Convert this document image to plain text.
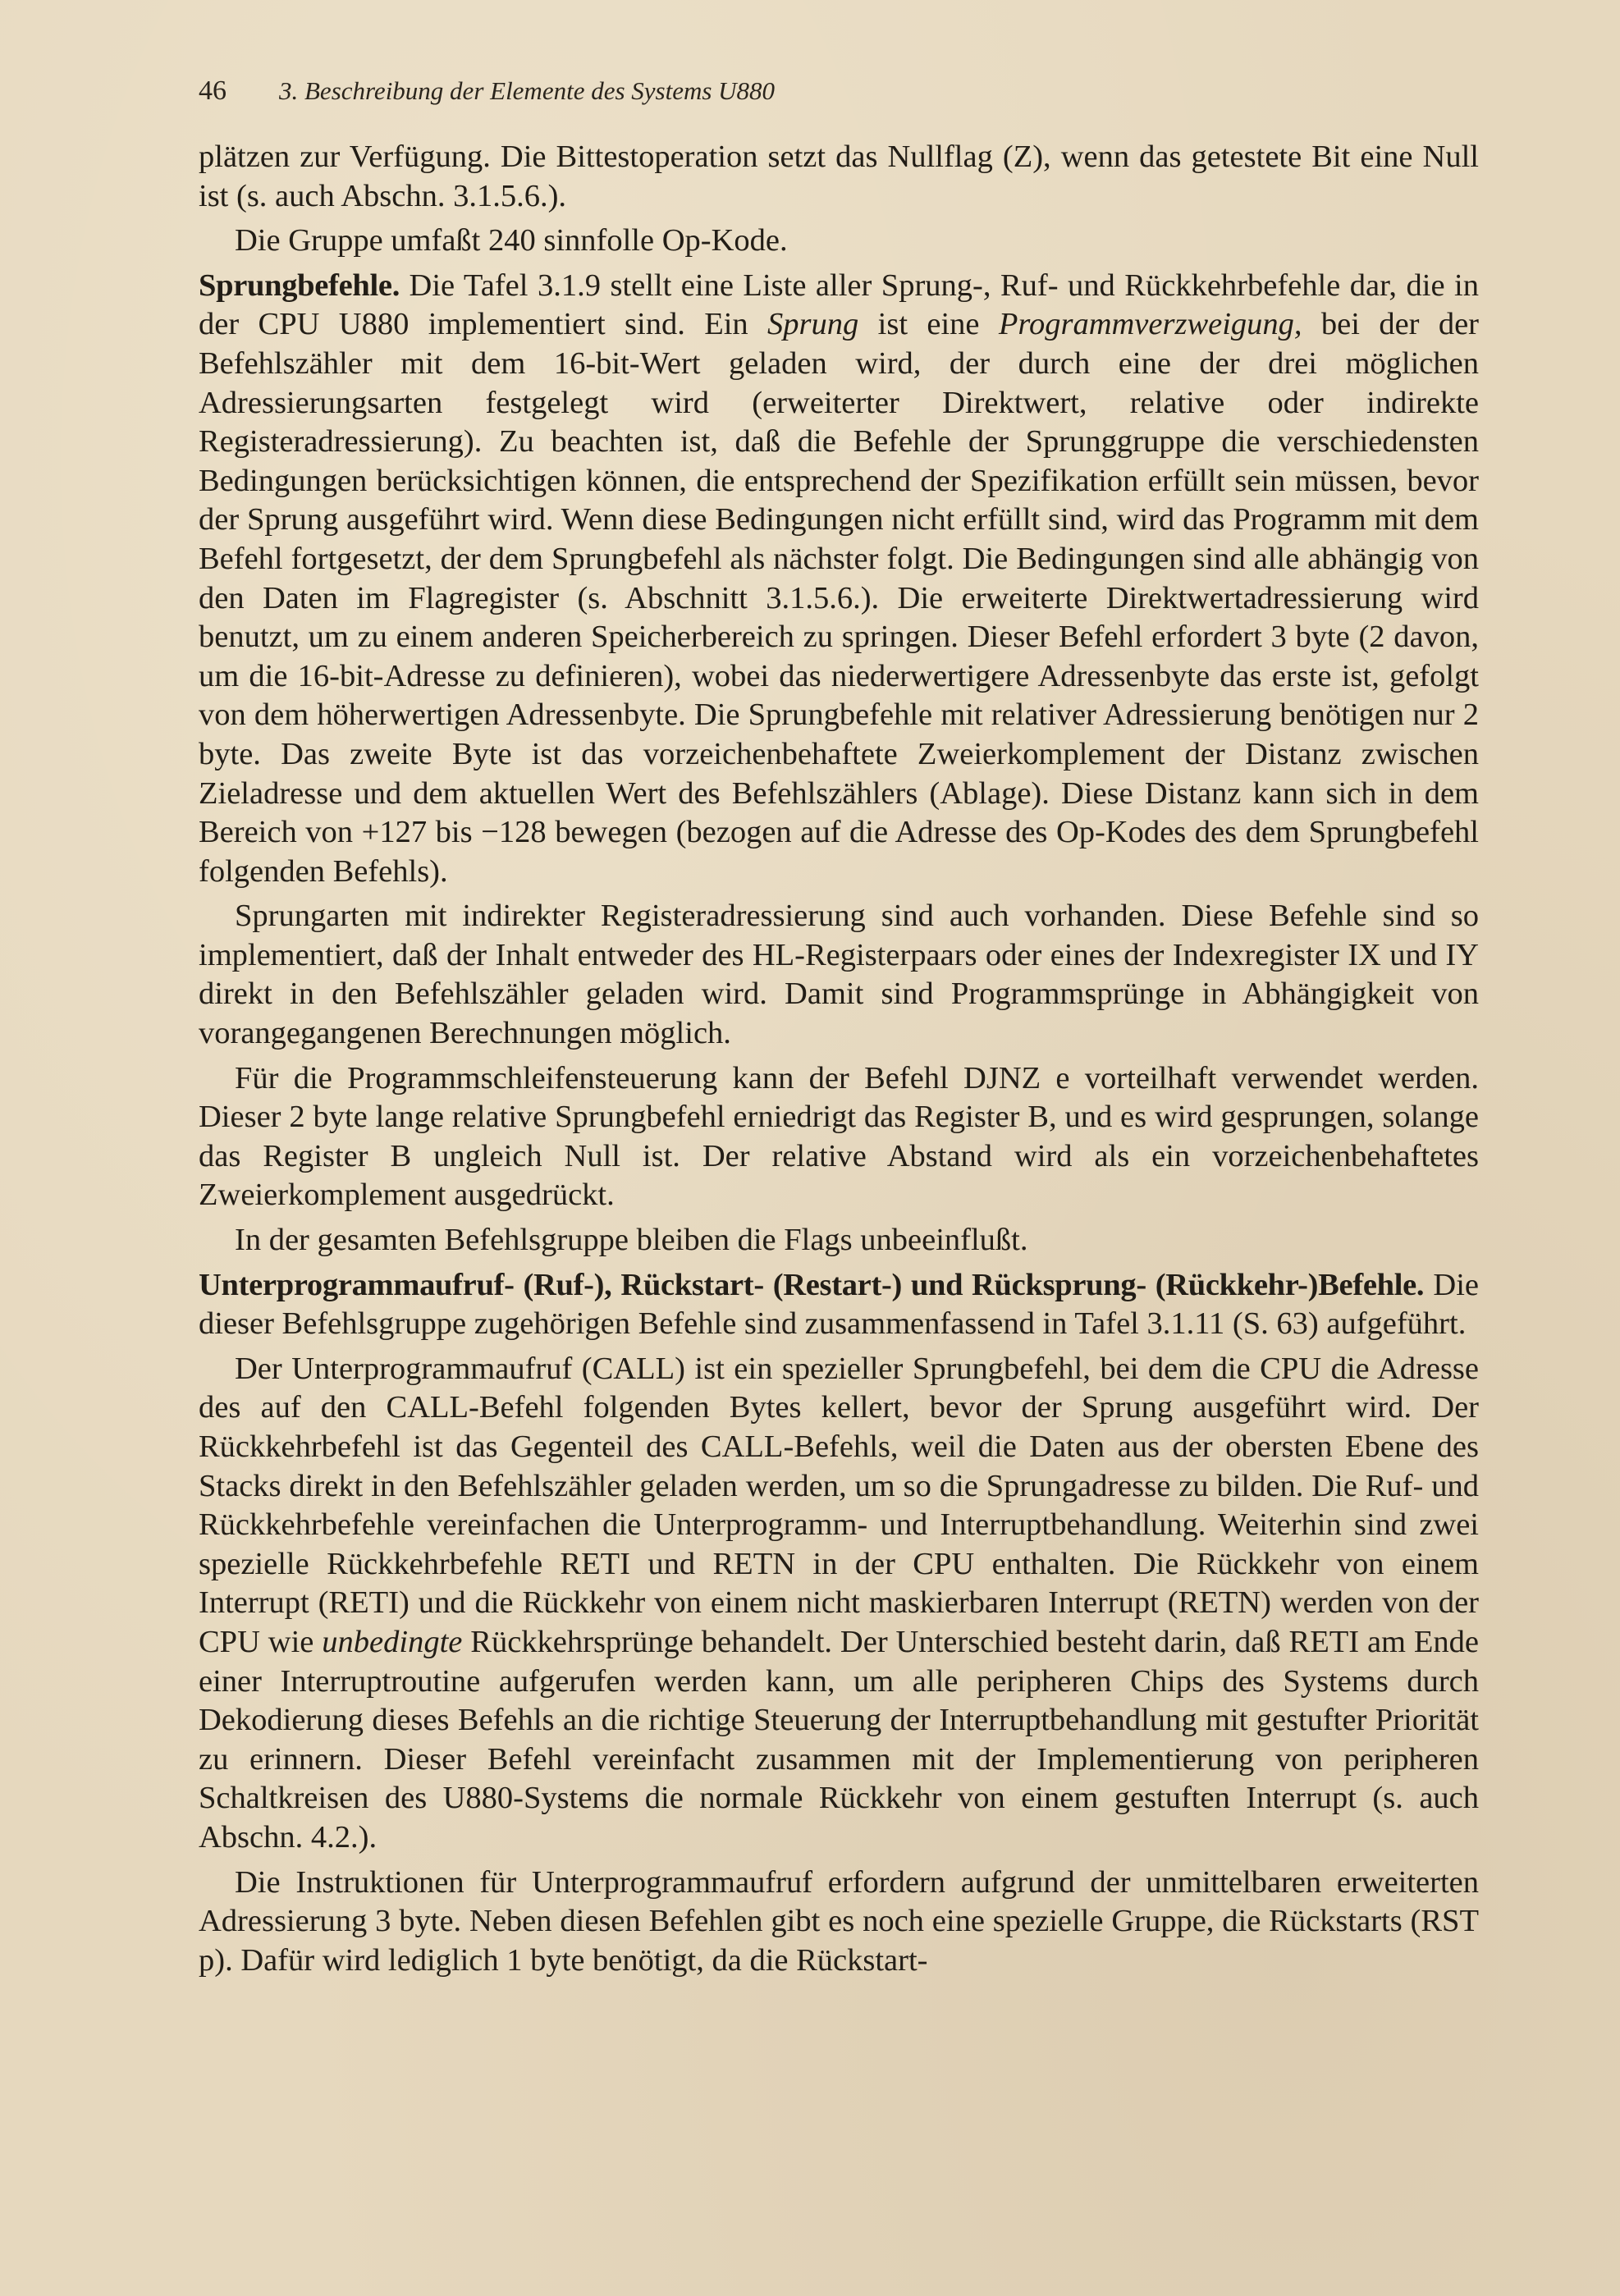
46 3. Beschreibung der Elemente des Systems U880

plätzen zur Verfügung. Die Bittestoperation setzt das Nullflag (Z), wenn das getestete Bit eine Null ist (s. auch Abschn. 3.1.5.6.).

Die Gruppe umfaßt 240 sinnfolle Op-Kode.

Sprungbefehle. Die Tafel 3.1.9 stellt eine Liste aller Sprung-, Ruf- und Rückkehrbefehle dar, die in der CPU U880 implementiert sind. Ein Sprung ist eine Programmverzweigung, bei der der Befehlszähler mit dem 16-bit-Wert geladen wird, der durch eine der drei möglichen Adressierungsarten festgelegt wird (erweiterter Direktwert, relative oder indirekte Registeradressierung). Zu beachten ist, daß die Befehle der Sprunggruppe die verschiedensten Bedingungen berücksichtigen können, die entsprechend der Spezifikation erfüllt sein müssen, bevor der Sprung ausgeführt wird. Wenn diese Bedingungen nicht erfüllt sind, wird das Programm mit dem Befehl fortgesetzt, der dem Sprungbefehl als nächster folgt. Die Bedingungen sind alle abhängig von den Daten im Flagregister (s. Abschnitt 3.1.5.6.). Die erweiterte Direktwertadressierung wird benutzt, um zu einem anderen Speicherbereich zu springen. Dieser Befehl erfordert 3 byte (2 davon, um die 16-bit-Adresse zu definieren), wobei das niederwertigere Adressenbyte das erste ist, gefolgt von dem höherwertigen Adressenbyte. Die Sprungbefehle mit relativer Adressierung benötigen nur 2 byte. Das zweite Byte ist das vorzeichenbehaftete Zweierkomplement der Distanz zwischen Zieladresse und dem aktuellen Wert des Befehlszählers (Ablage). Diese Distanz kann sich in dem Bereich von +127 bis −128 bewegen (bezogen auf die Adresse des Op-Kodes des dem Sprungbefehl folgenden Befehls).

Sprungarten mit indirekter Registeradressierung sind auch vorhanden. Diese Befehle sind so implementiert, daß der Inhalt entweder des HL-Registerpaars oder eines der Indexregister IX und IY direkt in den Befehlszähler geladen wird. Damit sind Programmsprünge in Abhängigkeit von vorangegangenen Berechnungen möglich.

Für die Programmschleifensteuerung kann der Befehl DJNZ e vorteilhaft verwendet werden. Dieser 2 byte lange relative Sprungbefehl erniedrigt das Register B, und es wird gesprungen, solange das Register B ungleich Null ist. Der relative Abstand wird als ein vorzeichenbehaftetes Zweierkomplement ausgedrückt.

In der gesamten Befehlsgruppe bleiben die Flags unbeeinflußt.

Unterprogrammaufruf- (Ruf-), Rückstart- (Restart-) und Rücksprung- (Rückkehr-)Befehle. Die dieser Befehlsgruppe zugehörigen Befehle sind zusammenfassend in Tafel 3.1.11 (S. 63) aufgeführt.

Der Unterprogrammaufruf (CALL) ist ein spezieller Sprungbefehl, bei dem die CPU die Adresse des auf den CALL-Befehl folgenden Bytes kellert, bevor der Sprung ausgeführt wird. Der Rückkehrbefehl ist das Gegenteil des CALL-Befehls, weil die Daten aus der obersten Ebene des Stacks direkt in den Befehlszähler geladen werden, um so die Sprungadresse zu bilden. Die Ruf- und Rückkehrbefehle vereinfachen die Unterprogramm- und Interruptbehandlung. Weiterhin sind zwei spezielle Rückkehrbefehle RETI und RETN in der CPU enthalten. Die Rückkehr von einem Interrupt (RETI) und die Rückkehr von einem nicht maskierbaren Interrupt (RETN) werden von der CPU wie unbedingte Rückkehrsprünge behandelt. Der Unterschied besteht darin, daß RETI am Ende einer Interruptroutine aufgerufen werden kann, um alle peripheren Chips des Systems durch Dekodierung dieses Befehls an die richtige Steuerung der Interruptbehandlung mit gestufter Priorität zu erinnern. Dieser Befehl vereinfacht zusammen mit der Implementierung von peripheren Schaltkreisen des U880-Systems die normale Rückkehr von einem gestuften Interrupt (s. auch Abschn. 4.2.).

Die Instruktionen für Unterprogrammaufruf erfordern aufgrund der unmittelbaren erweiterten Adressierung 3 byte. Neben diesen Befehlen gibt es noch eine spezielle Gruppe, die Rückstarts (RST p). Dafür wird lediglich 1 byte benötigt, da die Rückstart-
